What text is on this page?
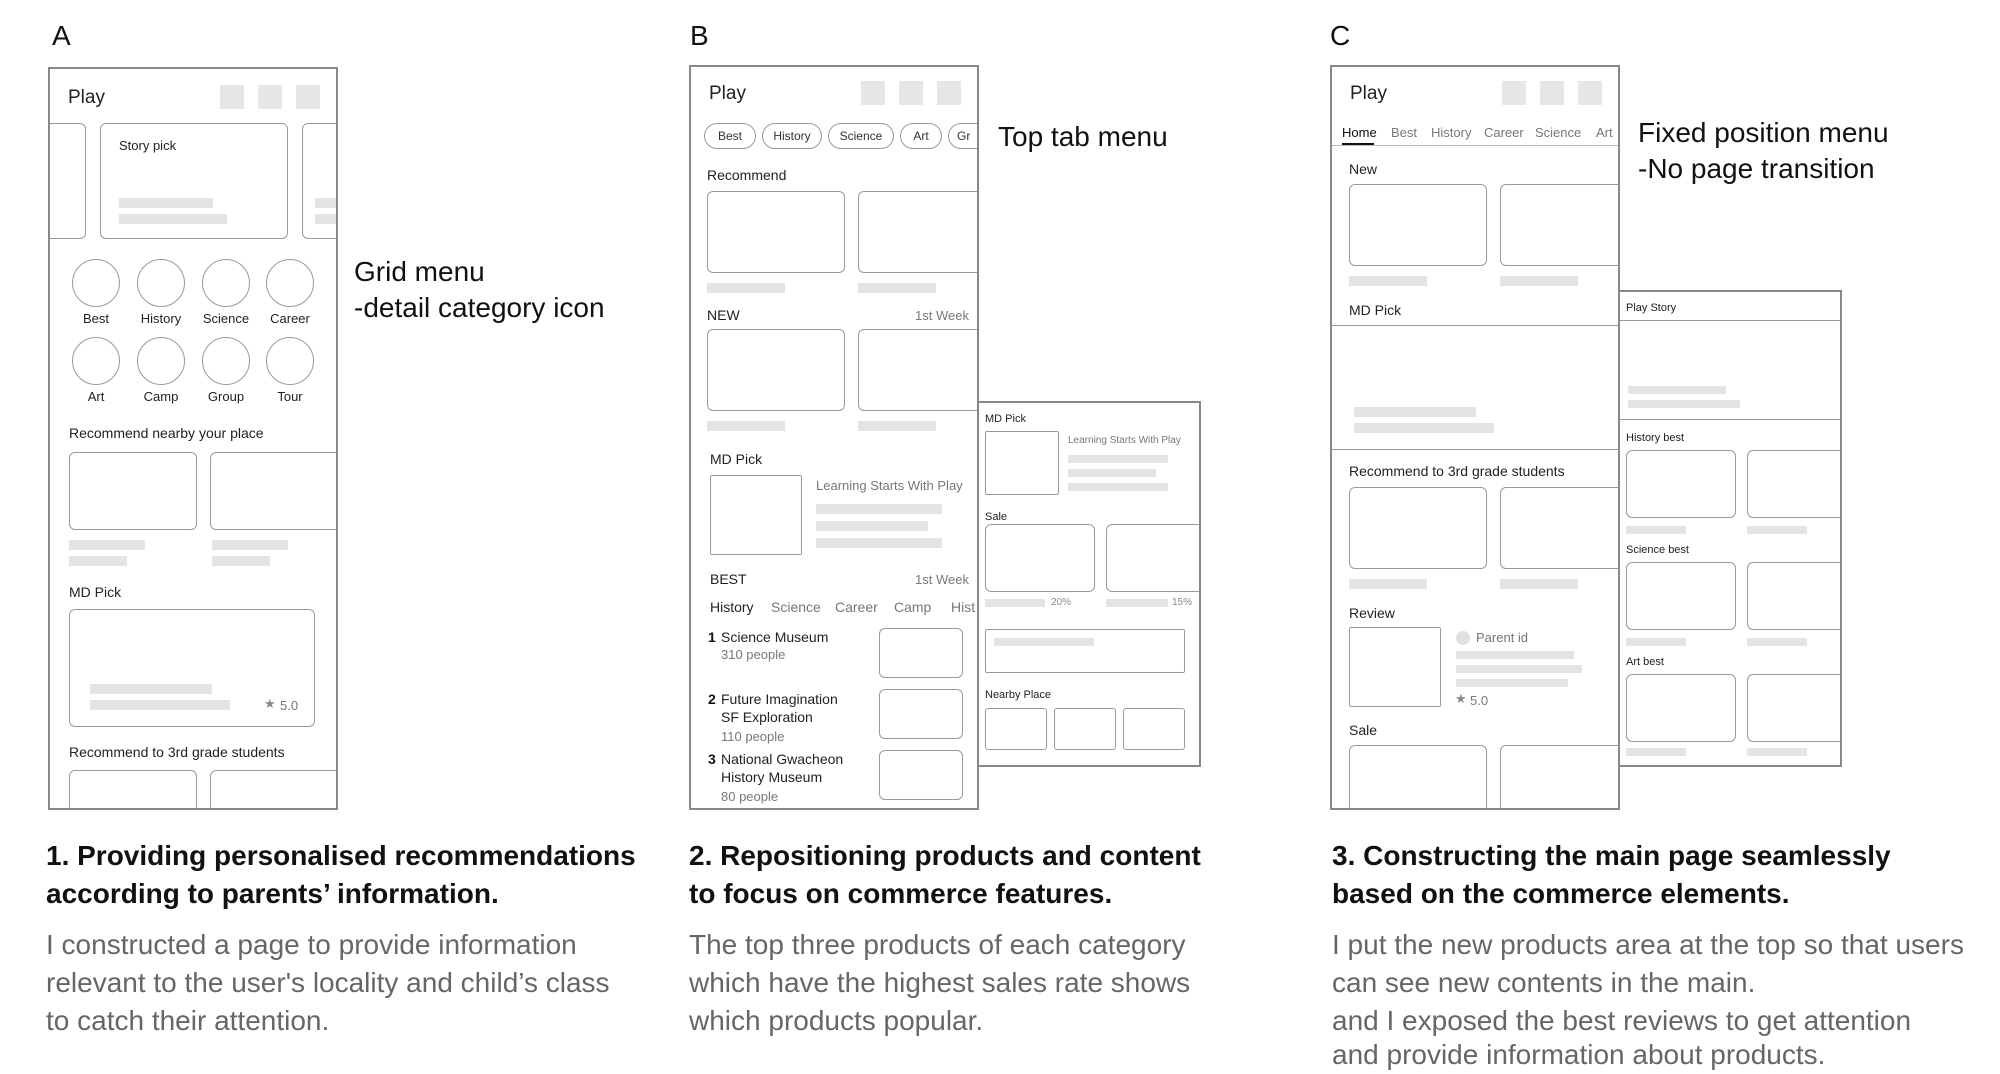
A
Play
Story pick
Best	History	Science	Career
Art	Camp	Group	Tour
Recommend nearby your place
MD Pick
★ 5.0
Recommend to 3rd grade students
Grid menu
-detail category icon
1. Providing personalised recommendations
according to parents’ information.
I constructed a page to provide information
relevant to the user's locality and child’s class
to catch their attention.
B
Play
Best	History	Science	Art	Gr
Recommend
NEW	1st Week
MD Pick
Learning Starts With Play
BEST	1st Week
History Science Career Camp Hist
1 Science Museum
310 people
2 Future Imagination
SF Exploration
110 people
3 National Gwacheon
History Museum
80 people
MD Pick
Learning Starts With Play
Sale
20%	15%
Nearby Place
Top tab menu
2. Repositioning products and content
to focus on commerce features.
The top three products of each category
which have the highest sales rate shows
which products popular.
C
Play
Home Best History Career Science Art
New
MD Pick
Recommend to 3rd grade students
Review
Parent id
★ 5.0
Sale
Play Story
History best
Science best
Art best
Fixed position menu
-No page transition
3. Constructing the main page seamlessly
based on the commerce elements.
I put the new products area at the top so that users
can see new contents in the main.
and I exposed the best reviews to get attention
and provide information about products.
